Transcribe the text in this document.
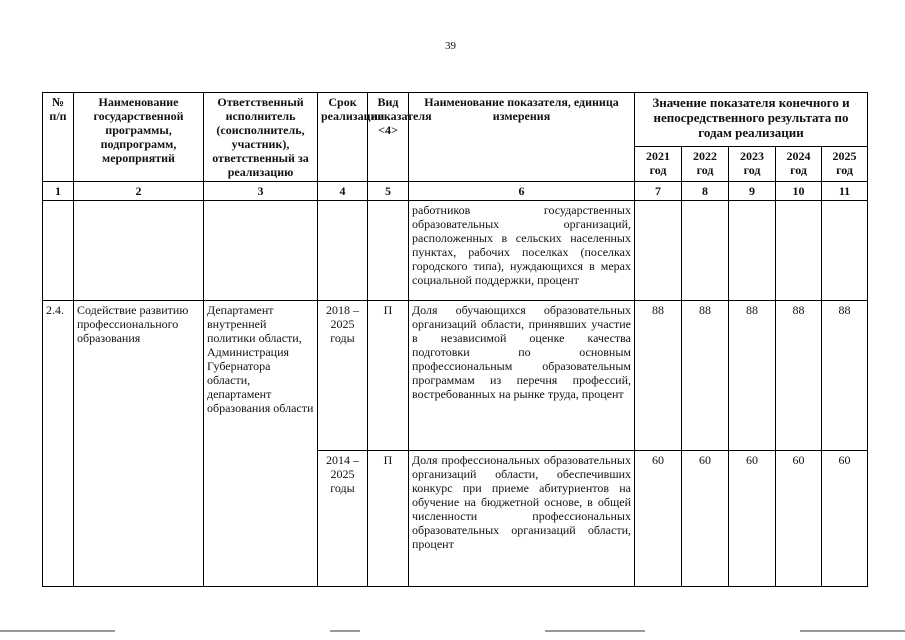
39
№ п/п	Наименование государственной программы, подпрограмм, мероприятий	Ответственный исполнитель (соисполнитель, участник), ответственный за реализацию	Срок реализации	Вид показателя <4>	Наименование показателя, единица измерения	Значение показателя конечного и непосредственного результата по годам реализации				
						2021 год	2022 год	2023 год	2024 год	2025 год
1	2	3	4	5	6	7	8	9	10	11
					работников государственных образовательных организаций, расположенных в сельских населенных пунктах, рабочих поселках (поселках городского типа), нуждающихся в мерах социальной поддержки, процент					
2.4.	Содействие развитию профессионального образования	Департамент внутренней политики области, Администрация Губернатора области, департамент образования области	2018 – 2025 годы	П	Доля обучающихся образовательных организаций области, принявших участие в независимой оценке качества подготовки по основным профессиональным образовательным программам из перечня профессий, востребованных на рынке труда, процент	88	88	88	88	88
			2014 – 2025 годы	П	Доля профессиональных образовательных организаций области, обеспечивших конкурс при приеме абитуриентов на обучение на бюджетной основе, в общей численности профессиональных образовательных организаций области, процент	60	60	60	60	60
